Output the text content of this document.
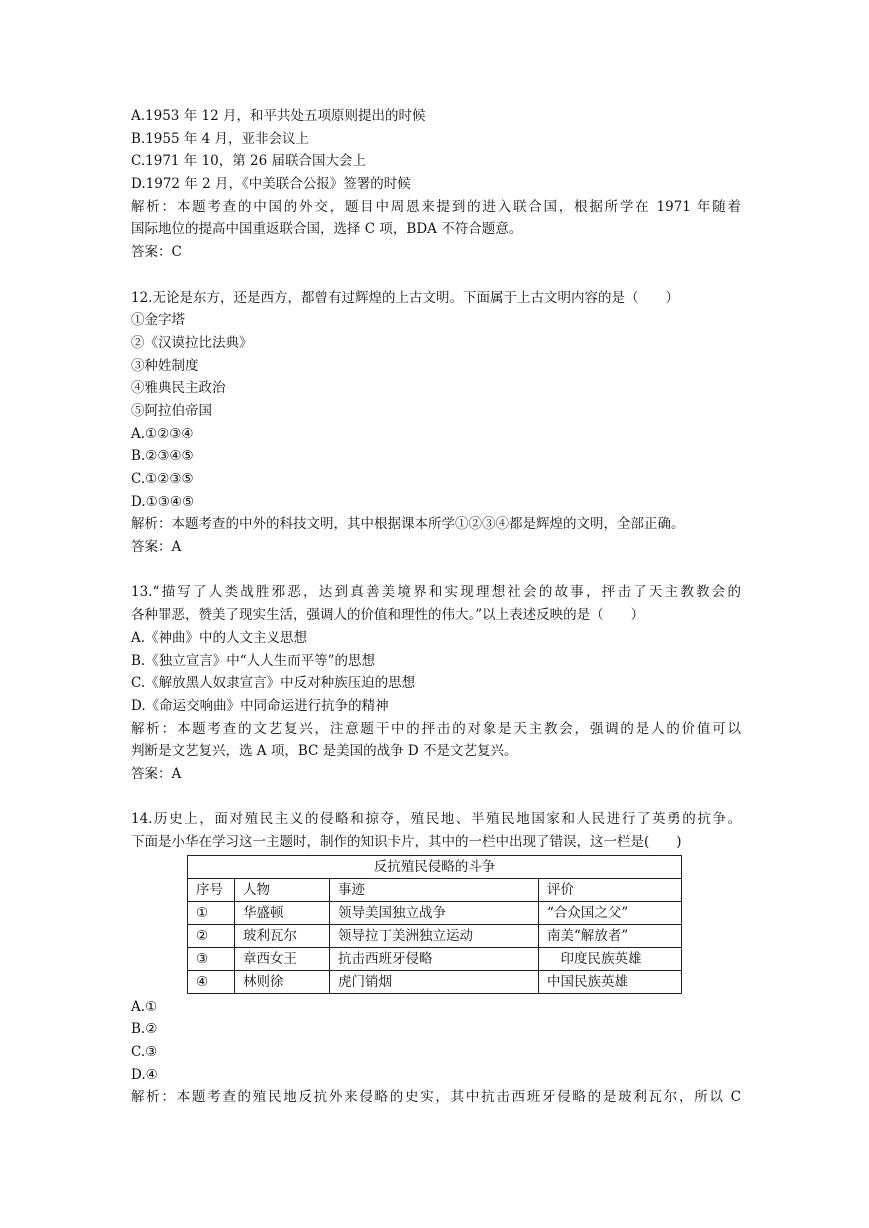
A.1953 年 12 月，和平共处五项原则提出的时候
B.1955 年 4 月，亚非会议上
C.1971 年 10，第 26 届联合国大会上
D.1972 年 2 月，《中美联合公报》签署的时候
解析：本题考查的中国的外交，题目中周恩来提到的进入联合国，根据所学在 1971 年随着
国际地位的提高中国重返联合国，选择 C 项，BDA 不符合题意。
答案：C
12.无论是东方，还是西方，都曾有过辉煌的上古文明。下面属于上古文明内容的是（　　）
①金字塔
②《汉谟拉比法典》
③种姓制度
④雅典民主政治
⑤阿拉伯帝国
A.①②③④
B.②③④⑤
C.①②③⑤
D.①③④⑤
解析：本题考查的中外的科技文明，其中根据课本所学①②③④都是辉煌的文明，全部正确。
答案：A
13.“描写了人类战胜邪恶，达到真善美境界和实现理想社会的故事，抨击了天主教教会的
各种罪恶，赞美了现实生活，强调人的价值和理性的伟大。”以上表述反映的是（　　）
A.《神曲》中的人文主义思想
B.《独立宣言》中“人人生而平等”的思想
C.《解放黑人奴隶宣言》中反对种族压迫的思想
D.《命运交响曲》中同命运进行抗争的精神
解析：本题考查的文艺复兴，注意题干中的抨击的对象是天主教会，强调的是人的价值可以
判断是文艺复兴，选 A 项，BC 是美国的战争 D 不是文艺复兴。
答案：A
14.历史上，面对殖民主义的侵略和掠夺，殖民地、半殖民地国家和人民进行了英勇的抗争。
下面是小华在学习这一主题时，制作的知识卡片，其中的一栏中出现了错误，这一栏是(　　)
反抗殖民侵略的斗争			
序号	人物	事迹	评价
①	华盛顿	领导美国独立战争	“合众国之父”
②	玻利瓦尔	领导拉丁美洲独立运动	南美“解放者”
③	章西女王	抗击西班牙侵略	　印度民族英雄
④	林则徐	虎门销烟	中国民族英雄
A.①
B.②
C.③
D.④
解析：本题考查的殖民地反抗外来侵略的史实，其中抗击西班牙侵略的是玻利瓦尔，所以 C
